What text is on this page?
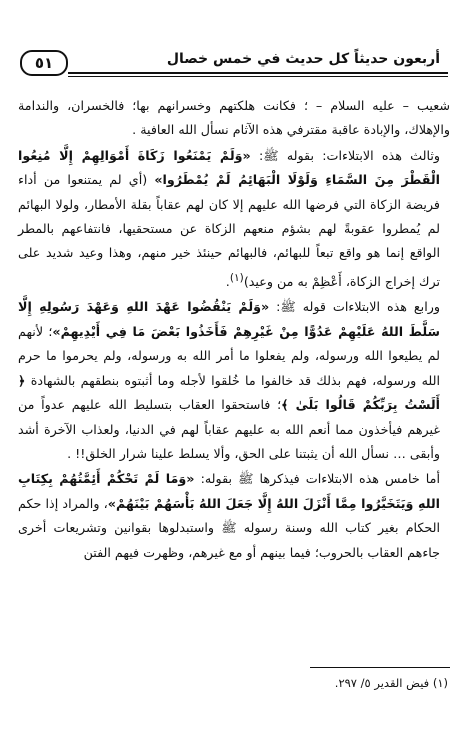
٥١	أربعون حديثاً كل حديث في خمس خصال

شعيب – عليه السلام – ؛ فكانت هلكتهم وخسرانهم بها؛ فالخسران، والندامة والإهلاك، والإبادة عاقبة مقترفي هذه الآثام نسأل الله العافية .

وثالث هذه الابتلاءات: بقوله ﷺ: «وَلَمْ يَمْنَعُوا زَكَاةَ أَمْوَالِهِمْ إِلَّا مُنِعُوا الْقَطْرَ مِنَ السَّمَاءِ وَلَوْلَا الْبَهَائِمُ لَمْ يُمْطَرُوا» (أي لم يمتنعوا من أداء فريضة الزكاة التي فرضها الله عليهم إلا كان لهم عقاباً بقلة الأمطار، ولولا البهائم لم يُمطروا عقوبةً لهم بشؤم منعهم الزكاة عن مستحقيها، فانتفاعهم بالمطر الواقع إنما هو واقع تبعاً للبهائم، فالبهائم حينئذ خير منهم، وهذا وعيد شديد على ترك إخراج الزكاة، أَعْظِمْ به من وعيد)$^{(١)}$.

ورابع هذه الابتلاءات قوله ﷺ: «وَلَمْ يَنْقُضُوا عَهْدَ اللهِ وَعَهْدَ رَسُولِهِ إِلَّا سَلَّطَ اللهُ عَلَيْهِمْ عَدُوًّا مِنْ غَيْرِهِمْ فَأَخَذُوا بَعْضَ مَا فِي أَيْدِيهِمْ»؛ لأنهم لم يطيعوا الله ورسوله، ولم يفعلوا ما أمر الله به ورسوله، ولم يحرموا ما حرم الله ورسوله، فهم بذلك قد خالفوا ما خُلقوا لأجله وما أثبتوه بنطقهم بالشهادة ﴿ أَلَسْتُ بِرَبِّكُمْ قَالُوا بَلَىٰ ﴾؛ فاستحقوا العقاب بتسليط الله عليهم عدواً من غيرهم فيأخذون مما أنعم الله به عليهم عقاباً لهم في الدنيا، ولعذاب الآخرة أشد وأبقى … نسأل الله أن يثبتنا على الحق، وألا يسلط علينا شرار الخلق!! .

أما خامس هذه الابتلاءات فيذكرها ﷺ بقوله: «وَمَا لَمْ تَحْكُمْ أَئِمَّتُهُمْ بِكِتَابِ اللهِ وَيَتَخَيَّرُوا مِمَّا أَنْزَلَ اللهُ إِلَّا جَعَلَ اللهُ بَأْسَهُمْ بَيْنَهُمْ»، والمراد إذا حكم الحكام بغير كتاب الله وسنة رسوله ﷺ واستبدلوها بقوانين وتشريعات أخرى جاءهم العقاب بالحروب؛ فيما بينهم أو مع غيرهم، وظهرت فيهم الفتن

(١) فيض القدير ٥/ ٢٩٧.
